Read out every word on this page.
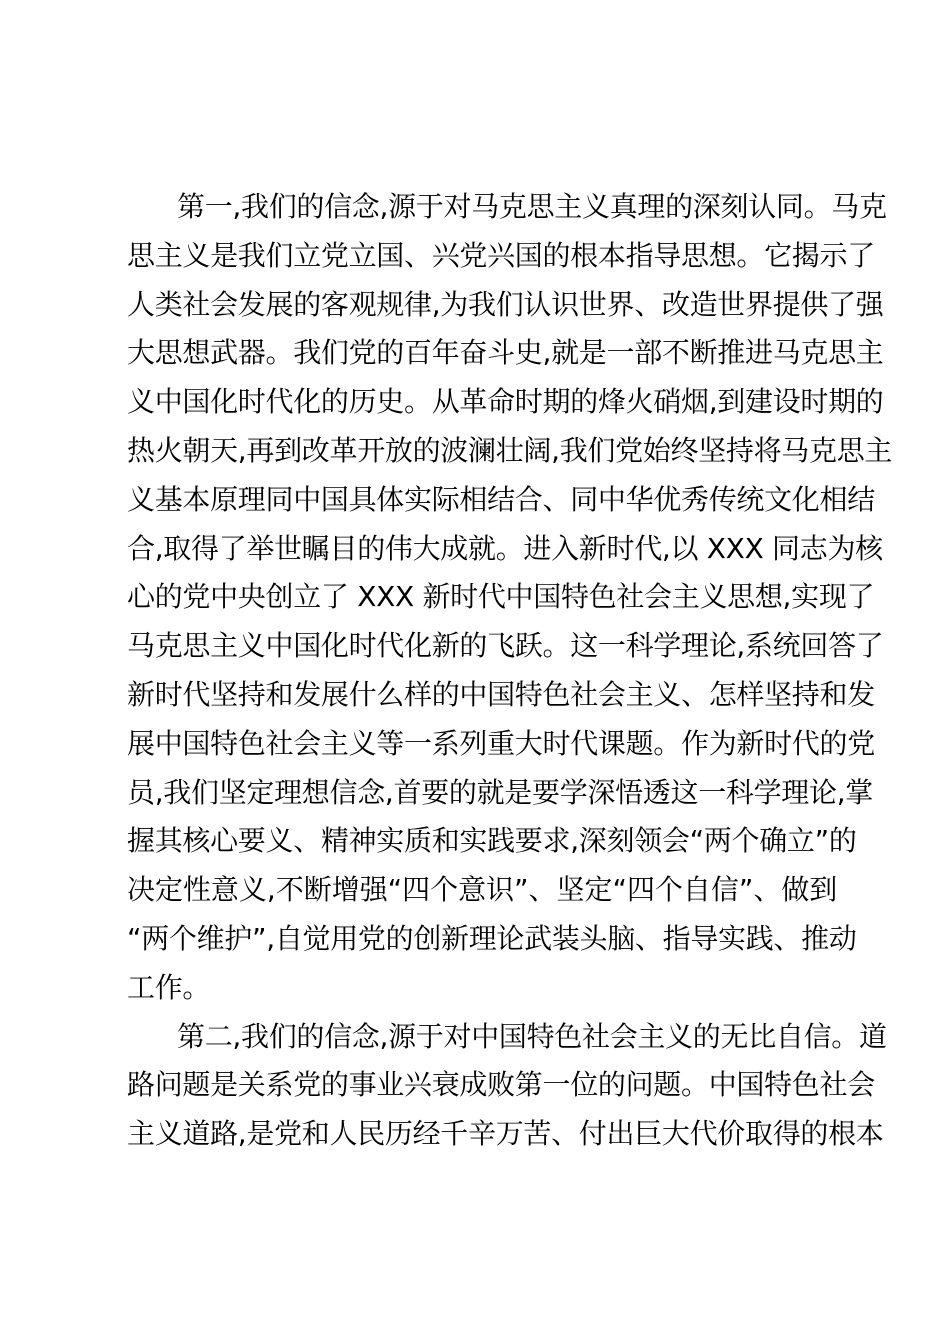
第一,我们的信念,源于对马克思主义真理的深刻认同。马克
思主义是我们立党立国、兴党兴国的根本指导思想。它揭示了
人类社会发展的客观规律,为我们认识世界、改造世界提供了强
大思想武器。我们党的百年奋斗史,就是一部不断推进马克思主
义中国化时代化的历史。从革命时期的烽火硝烟,到建设时期的
热火朝天,再到改革开放的波澜壮阔,我们党始终坚持将马克思主
义基本原理同中国具体实际相结合、同中华优秀传统文化相结
合,取得了举世瞩目的伟大成就。进入新时代,以 XXX 同志为核
心的党中央创立了 XXX 新时代中国特色社会主义思想,实现了
马克思主义中国化时代化新的飞跃。这一科学理论,系统回答了
新时代坚持和发展什么样的中国特色社会主义、怎样坚持和发
展中国特色社会主义等一系列重大时代课题。作为新时代的党
员,我们坚定理想信念,首要的就是要学深悟透这一科学理论,掌
握其核心要义、精神实质和实践要求,深刻领会“两个确立”的
决定性意义,不断增强“四个意识”、坚定“四个自信”、做到
“两个维护”,自觉用党的创新理论武装头脑、指导实践、推动
工作。
第二,我们的信念,源于对中国特色社会主义的无比自信。道
路问题是关系党的事业兴衰成败第一位的问题。中国特色社会
主义道路,是党和人民历经千辛万苦、付出巨大代价取得的根本
